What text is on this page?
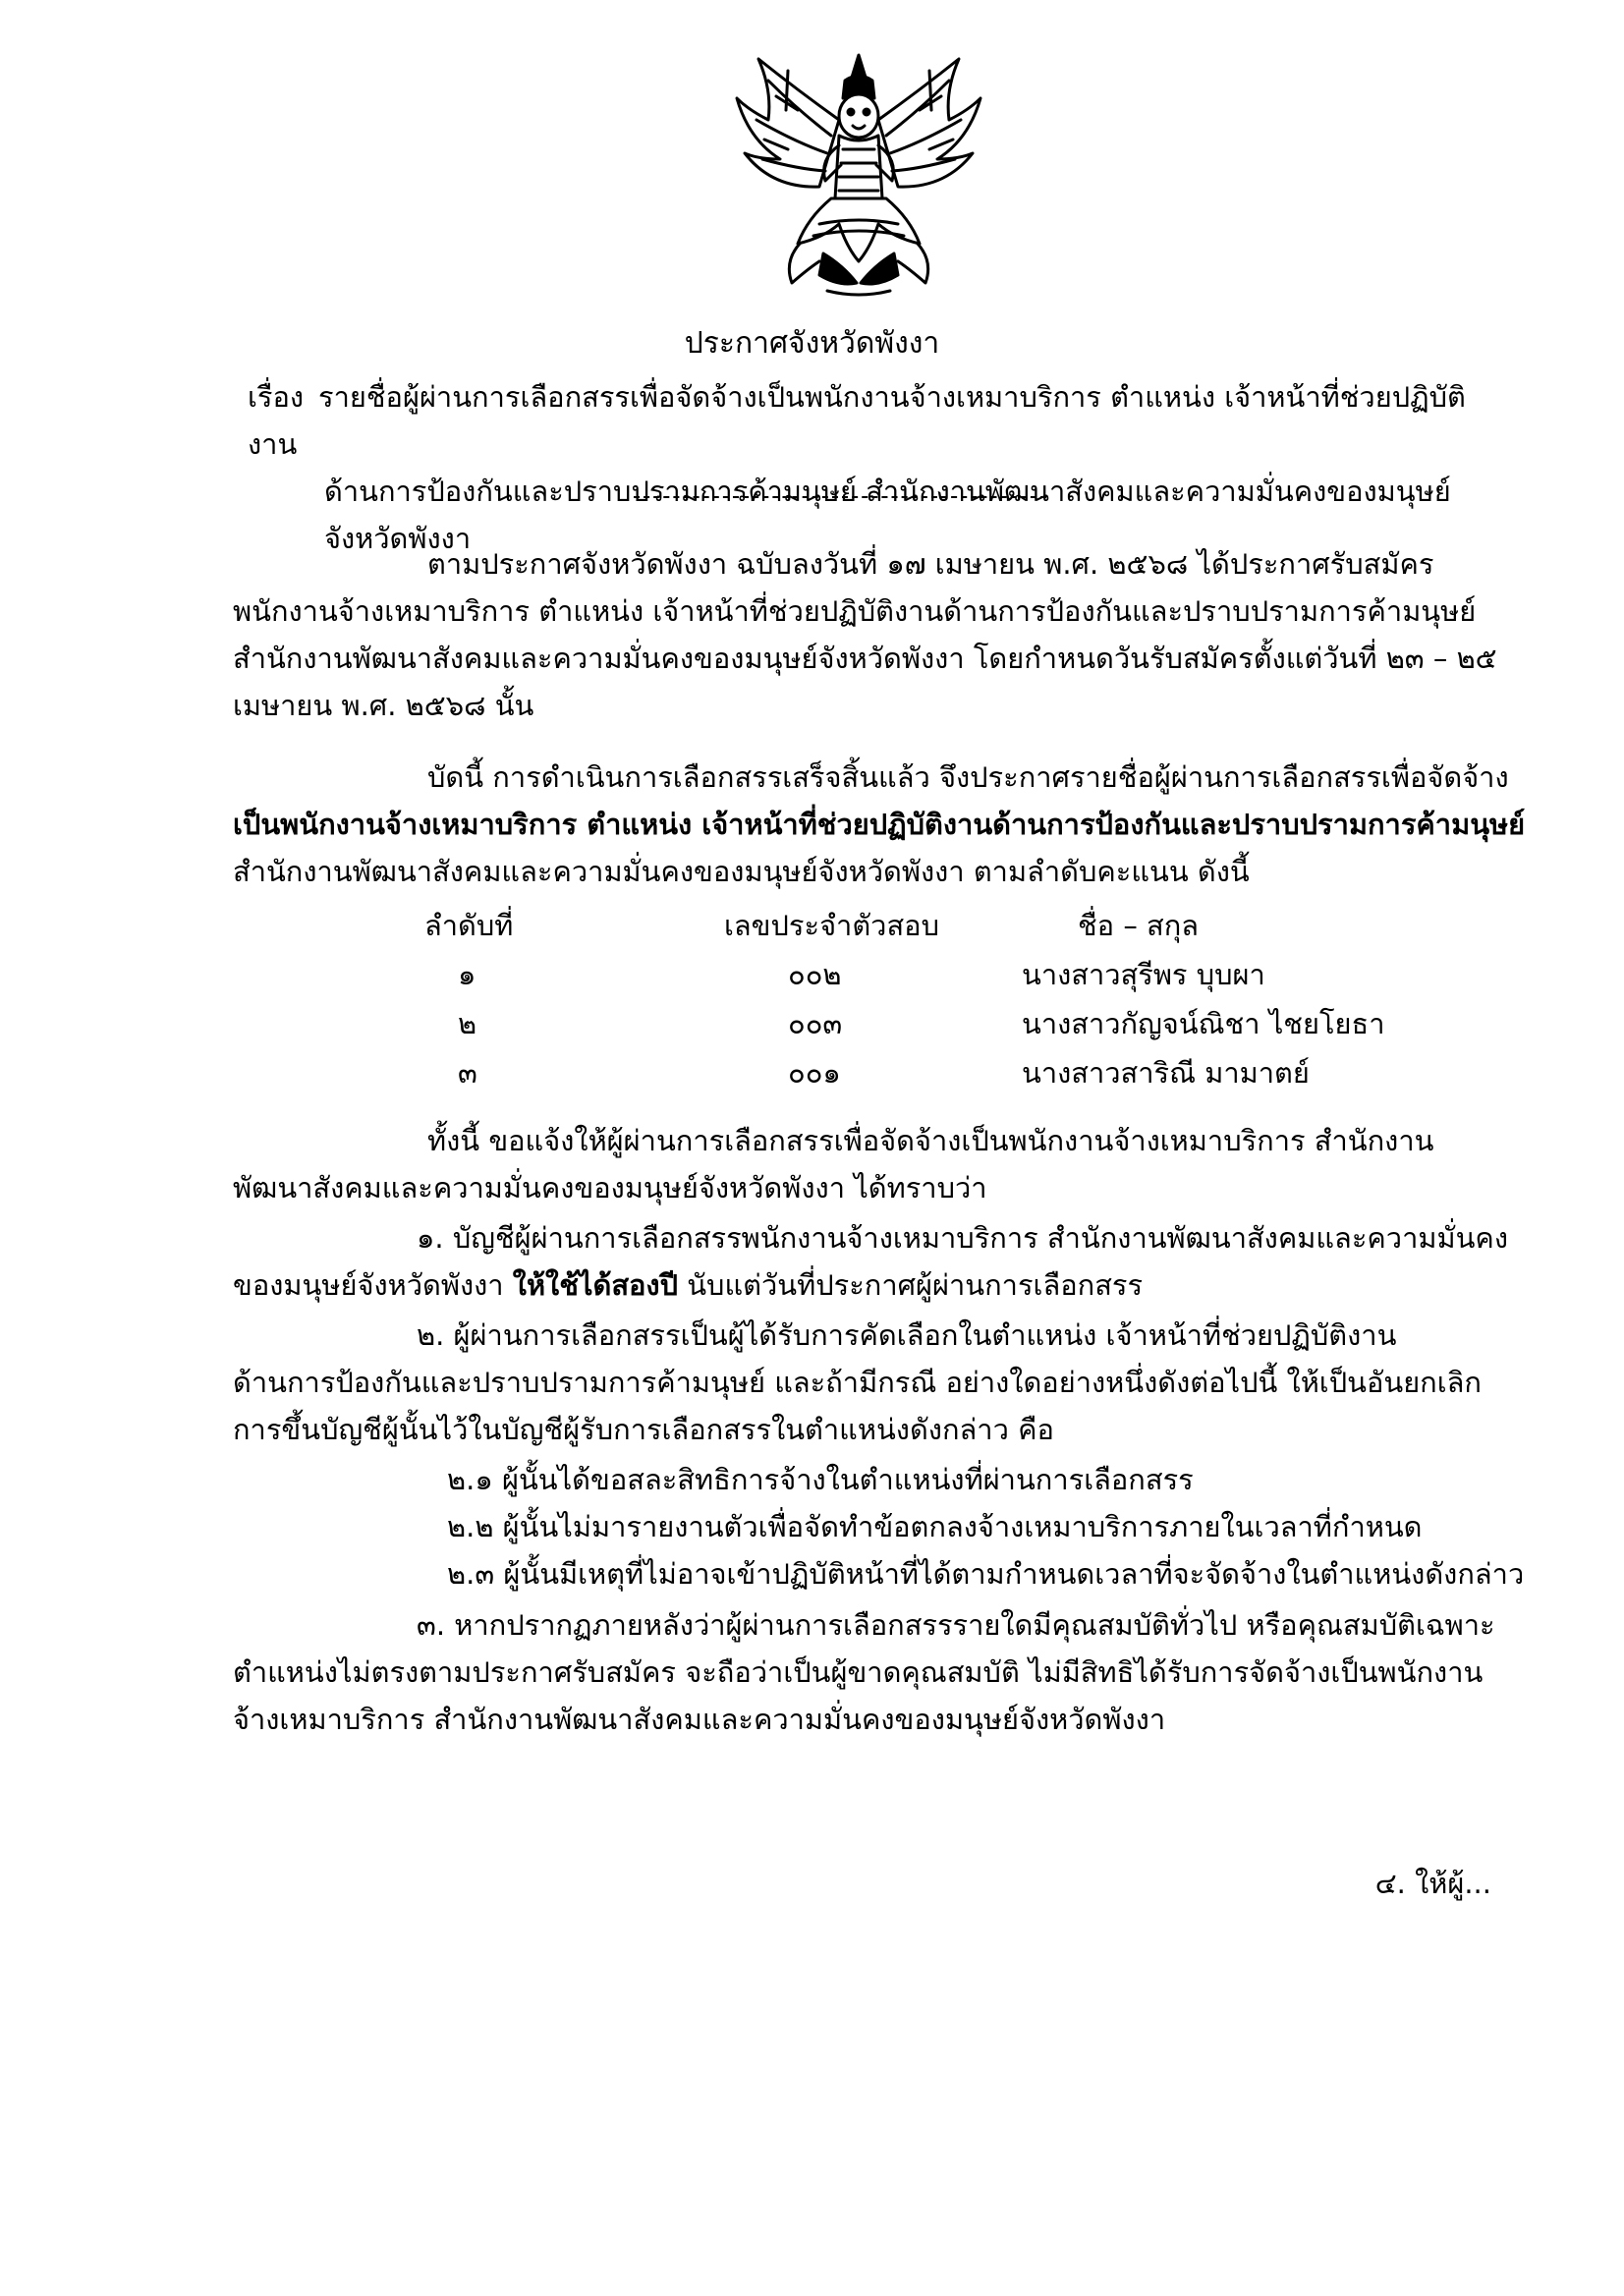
ประกาศจังหวัดพังงา
เรื่อง รายชื่อผู้ผ่านการเลือกสรรเพื่อจัดจ้างเป็นพนักงานจ้างเหมาบริการ ตำแหน่ง เจ้าหน้าที่ช่วยปฏิบัติงาน
ด้านการป้องกันและปราบปรามการค้ามนุษย์ สำนักงานพัฒนาสังคมและความมั่นคงของมนุษย์จังหวัดพังงา
ตามประกาศจังหวัดพังงา ฉบับลงวันที่ ๑๗ เมษายน พ.ศ. ๒๕๖๘ ได้ประกาศรับสมัคร
พนักงานจ้างเหมาบริการ ตำแหน่ง เจ้าหน้าที่ช่วยปฏิบัติงานด้านการป้องกันและปราบปรามการค้ามนุษย์
สำนักงานพัฒนาสังคมและความมั่นคงของมนุษย์จังหวัดพังงา โดยกำหนดวันรับสมัครตั้งแต่วันที่ ๒๓ – ๒๕
เมษายน พ.ศ. ๒๕๖๘ นั้น
บัดนี้ การดำเนินการเลือกสรรเสร็จสิ้นแล้ว จึงประกาศรายชื่อผู้ผ่านการเลือกสรรเพื่อจัดจ้าง
เป็นพนักงานจ้างเหมาบริการ ตำแหน่ง เจ้าหน้าที่ช่วยปฏิบัติงานด้านการป้องกันและปราบปรามการค้ามนุษย์
สำนักงานพัฒนาสังคมและความมั่นคงของมนุษย์จังหวัดพังงา ตามลำดับคะแนน ดังนี้
ลำดับที่	เลขประจำตัวสอบ	ชื่อ – สกุล
๑	๐๐๒	นางสาวสุรีพร บุบผา
๒	๐๐๓	นางสาวกัญจน์ณิชา ไชยโยธา
๓	๐๐๑	นางสาวสาริณี มามาตย์
ทั้งนี้ ขอแจ้งให้ผู้ผ่านการเลือกสรรเพื่อจัดจ้างเป็นพนักงานจ้างเหมาบริการ สำนักงาน
พัฒนาสังคมและความมั่นคงของมนุษย์จังหวัดพังงา ได้ทราบว่า
๑. บัญชีผู้ผ่านการเลือกสรรพนักงานจ้างเหมาบริการ สำนักงานพัฒนาสังคมและความมั่นคง
ของมนุษย์จังหวัดพังงา ให้ใช้ได้สองปี นับแต่วันที่ประกาศผู้ผ่านการเลือกสรร
๒. ผู้ผ่านการเลือกสรรเป็นผู้ได้รับการคัดเลือกในตำแหน่ง เจ้าหน้าที่ช่วยปฏิบัติงาน
ด้านการป้องกันและปราบปรามการค้ามนุษย์ และถ้ามีกรณี อย่างใดอย่างหนึ่งดังต่อไปนี้ ให้เป็นอันยกเลิก
การขึ้นบัญชีผู้นั้นไว้ในบัญชีผู้รับการเลือกสรรในตำแหน่งดังกล่าว คือ
๒.๑ ผู้นั้นได้ขอสละสิทธิการจ้างในตำแหน่งที่ผ่านการเลือกสรร
๒.๒ ผู้นั้นไม่มารายงานตัวเพื่อจัดทำข้อตกลงจ้างเหมาบริการภายในเวลาที่กำหนด
๒.๓ ผู้นั้นมีเหตุที่ไม่อาจเข้าปฏิบัติหน้าที่ได้ตามกำหนดเวลาที่จะจัดจ้างในตำแหน่งดังกล่าว
๓. หากปรากฏภายหลังว่าผู้ผ่านการเลือกสรรรายใดมีคุณสมบัติทั่วไป หรือคุณสมบัติเฉพาะ
ตำแหน่งไม่ตรงตามประกาศรับสมัคร จะถือว่าเป็นผู้ขาดคุณสมบัติ ไม่มีสิทธิได้รับการจัดจ้างเป็นพนักงาน
จ้างเหมาบริการ สำนักงานพัฒนาสังคมและความมั่นคงของมนุษย์จังหวัดพังงา
๔. ให้ผู้...
